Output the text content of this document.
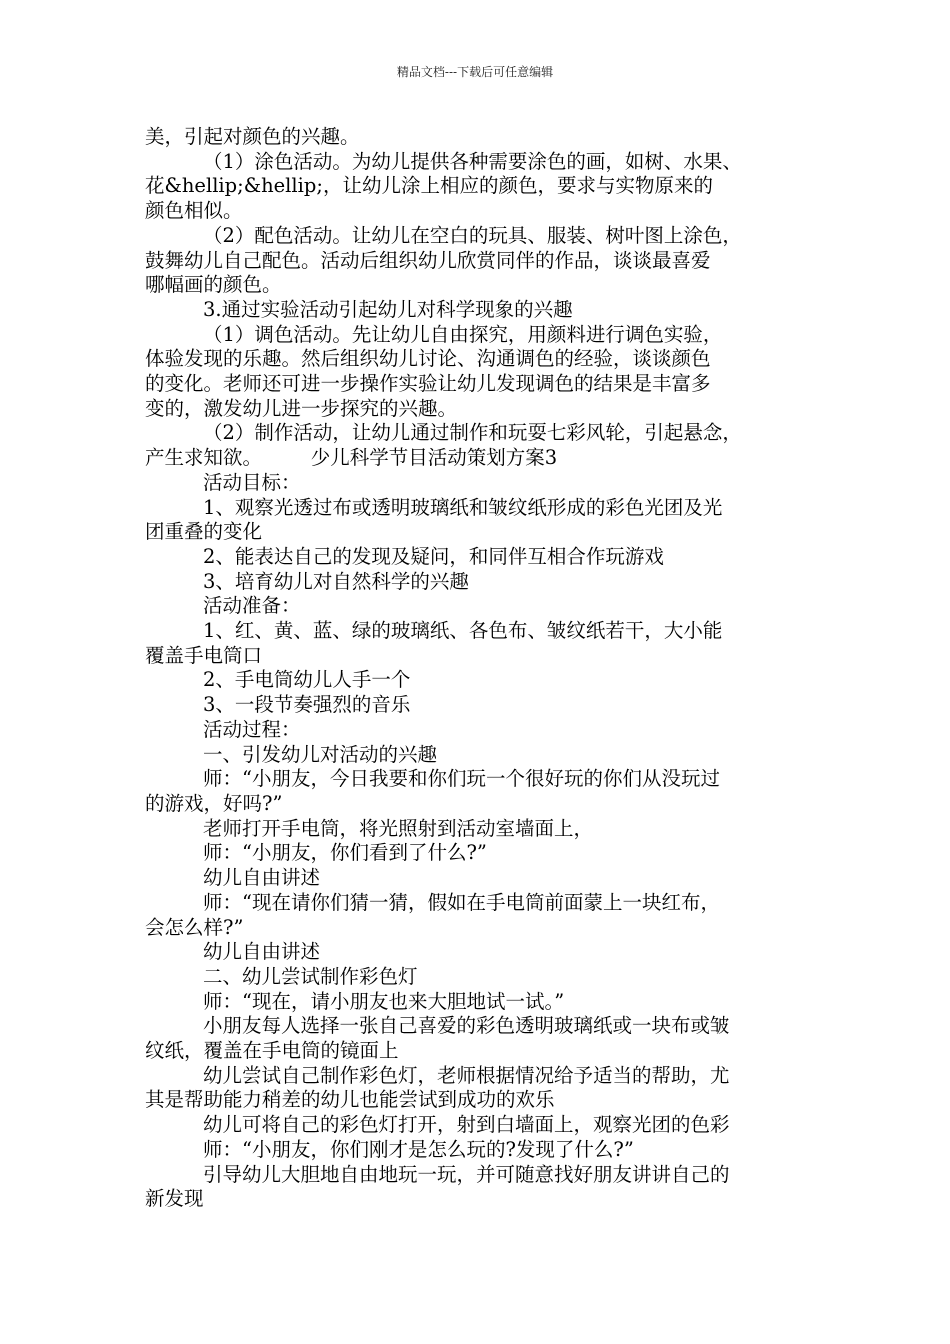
精品文档---下载后可任意编辑
美，引起对颜色的兴趣。
（1）涂色活动。为幼儿提供各种需要涂色的画，如树、水果、
花&hellip;&hellip;，让幼儿涂上相应的颜色，要求与实物原来的
颜色相似。
（2）配色活动。让幼儿在空白的玩具、服装、树叶图上涂色，
鼓舞幼儿自己配色。活动后组织幼儿欣赏同伴的作品，谈谈最喜爱
哪幅画的颜色。
3.通过实验活动引起幼儿对科学现象的兴趣
（1）调色活动。先让幼儿自由探究，用颜料进行调色实验，
体验发现的乐趣。然后组织幼儿讨论、沟通调色的经验，谈谈颜色
的变化。老师还可进一步操作实验让幼儿发现调色的结果是丰富多
变的，激发幼儿进一步探究的兴趣。
（2）制作活动，让幼儿通过制作和玩耍七彩风轮，引起悬念，
产生求知欲。　　　少儿科学节目活动策划方案3
活动目标：
1、观察光透过布或透明玻璃纸和皱纹纸形成的彩色光团及光
团重叠的变化
2、能表达自己的发现及疑问，和同伴互相合作玩游戏
3、培育幼儿对自然科学的兴趣
活动准备：
1、红、黄、蓝、绿的玻璃纸、各色布、皱纹纸若干，大小能
覆盖手电筒口
2、手电筒幼儿人手一个
3、一段节奏强烈的音乐
活动过程：
一、引发幼儿对活动的兴趣
师：“小朋友，今日我要和你们玩一个很好玩的你们从没玩过
的游戏，好吗?”
老师打开手电筒，将光照射到活动室墙面上，
师：“小朋友，你们看到了什么?”
幼儿自由讲述
师：“现在请你们猜一猜，假如在手电筒前面蒙上一块红布，
会怎么样?”
幼儿自由讲述
二、幼儿尝试制作彩色灯
师：“现在，请小朋友也来大胆地试一试。”
小朋友每人选择一张自己喜爱的彩色透明玻璃纸或一块布或皱
纹纸，覆盖在手电筒的镜面上
幼儿尝试自己制作彩色灯，老师根据情况给予适当的帮助，尤
其是帮助能力稍差的幼儿也能尝试到成功的欢乐
幼儿可将自己的彩色灯打开，射到白墙面上，观察光团的色彩
师：“小朋友，你们刚才是怎么玩的?发现了什么?”
引导幼儿大胆地自由地玩一玩，并可随意找好朋友讲讲自己的
新发现
